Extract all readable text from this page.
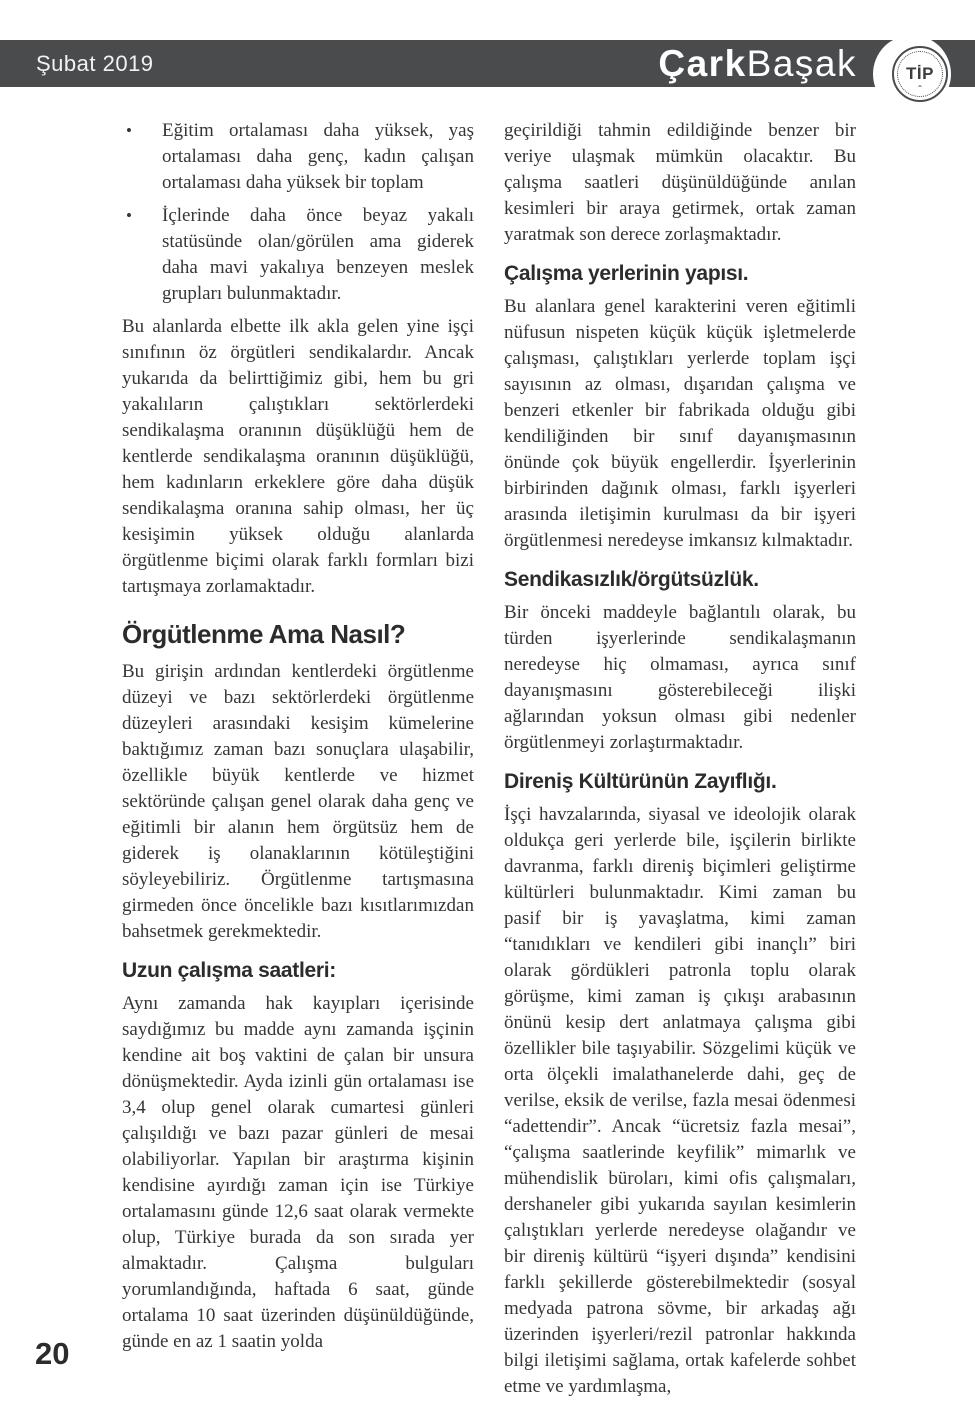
Şubat 2019	Çark Başak	TİP
⌃
• Eğitim ortalaması daha yüksek, yaş ortalaması daha genç, kadın çalışan ortalaması daha yüksek bir toplam
• İçlerinde daha önce beyaz yakalı statüsünde olan/görülen ama giderek daha mavi yakalıya benzeyen meslek grupları bulunmaktadır.

Bu alanlarda elbette ilk akla gelen yine işçi sınıfının öz örgütleri sendikalardır. Ancak yukarıda da belirttiğimiz gibi, hem bu gri yakalıların çalıştıkları sektörlerdeki sendikalaşma oranının düşüklüğü hem de kentlerde sendikalaşma oranının düşüklüğü, hem kadınların erkeklere göre daha düşük sendikalaşma oranına sahip olması, her üç kesişimin yüksek olduğu alanlarda örgütlenme biçimi olarak farklı formları bizi tartışmaya zorlamaktadır.

Örgütlenme Ama Nasıl?

Bu girişin ardından kentlerdeki örgütlenme düzeyi ve bazı sektörlerdeki örgütlenme düzeyleri arasındaki kesişim kümelerine baktığımız zaman bazı sonuçlara ulaşabilir, özellikle büyük kentlerde ve hizmet sektöründe çalışan genel olarak daha genç ve eğitimli bir alanın hem örgütsüz hem de giderek iş olanaklarının kötüleştiğini söyleyebiliriz. Örgütlenme tartışmasına girmeden önce öncelikle bazı kısıtlarımızdan bahsetmek gerekmektedir.

Uzun çalışma saatleri:

Aynı zamanda hak kayıpları içerisinde saydığımız bu madde aynı zamanda işçinin kendine ait boş vaktini de çalan bir unsura dönüşmektedir. Ayda izinli gün ortalaması ise 3,4 olup genel olarak cumartesi günleri çalışıldığı ve bazı pazar günleri de mesai olabiliyorlar. Yapılan bir araştırma kişinin kendisine ayırdığı zaman için ise Türkiye ortalamasını günde 12,6 saat olarak vermekte olup, Türkiye burada da son sırada yer almaktadır. Çalışma bulguları yorumlandığında, haftada 6 saat, günde ortalama 10 saat üzerinden düşünüldüğünde, günde en az 1 saatin yolda

geçirildiği tahmin edildiğinde benzer bir veriye ulaşmak mümkün olacaktır. Bu çalışma saatleri düşünüldüğünde anılan kesimleri bir araya getirmek, ortak zaman yaratmak son derece zorlaşmaktadır.

Çalışma yerlerinin yapısı.

Bu alanlara genel karakterini veren eğitimli nüfusun nispeten küçük küçük işletmelerde çalışması, çalıştıkları yerlerde toplam işçi sayısının az olması, dışarıdan çalışma ve benzeri etkenler bir fabrikada olduğu gibi kendiliğinden bir sınıf dayanışmasının önünde çok büyük engellerdir. İşyerlerinin birbirinden dağınık olması, farklı işyerleri arasında iletişimin kurulması da bir işyeri örgütlenmesi neredeyse imkansız kılmaktadır.

Sendikasızlık/örgütsüzlük.

Bir önceki maddeyle bağlantılı olarak, bu türden işyerlerinde sendikalaşmanın neredeyse hiç olmaması, ayrıca sınıf dayanışmasını gösterebileceği ilişki ağlarından yoksun olması gibi nedenler örgütlenmeyi zorlaştırmaktadır.

Direniş Kültürünün Zayıflığı.

İşçi havzalarında, siyasal ve ideolojik olarak oldukça geri yerlerde bile, işçilerin birlikte davranma, farklı direniş biçimleri geliştirme kültürleri bulunmaktadır. Kimi zaman bu pasif bir iş yavaşlatma, kimi zaman “tanıdıkları ve kendileri gibi inançlı” biri olarak gördükleri patronla toplu olarak görüşme, kimi zaman iş çıkışı arabasının önünü kesip dert anlatmaya çalışma gibi özellikler bile taşıyabilir. Sözgelimi küçük ve orta ölçekli imalathanelerde dahi, geç de verilse, eksik de verilse, fazla mesai ödenmesi “adettendir”. Ancak “ücretsiz fazla mesai”, “çalışma saatlerinde keyfilik” mimarlık ve mühendislik büroları, kimi ofis çalışmaları, dershaneler gibi yukarıda sayılan kesimlerin çalıştıkları yerlerde neredeyse olağandır ve bir direniş kültürü “işyeri dışında” kendisini farklı şekillerde gösterebilmektedir (sosyal medyada patrona sövme, bir arkadaş ağı üzerinden işyerleri/rezil patronlar hakkında bilgi iletişimi sağlama, ortak kafelerde sohbet etme ve yardımlaşma,

20
